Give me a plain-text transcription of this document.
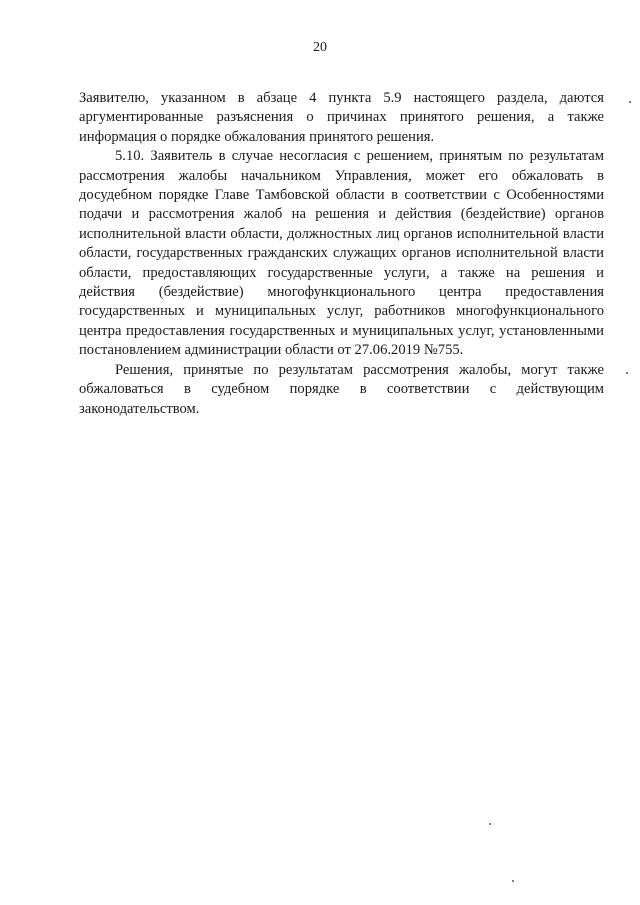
20

Заявителю, указанном в абзаце 4 пункта 5.9 настоящего раздела, даются аргументированные разъяснения о причинах принятого решения, а также информация о порядке обжалования принятого решения.

5.10. Заявитель в случае несогласия с решением, принятым по результатам рассмотрения жалобы начальником Управления, может его обжаловать в досудебном порядке Главе Тамбовской области в соответствии с Особенностями подачи и рассмотрения жалоб на решения и действия (бездействие) органов исполнительной власти области, должностных лиц органов исполнительной власти области, государственных гражданских служащих органов исполнительной власти области, предоставляющих государственные услуги, а также на решения и действия (бездействие) многофункционального центра предоставления государственных и муниципальных услуг, работников многофункционального центра предоставления государственных и муниципальных услуг, установленными постановлением администрации области от 27.06.2019 №755.

Решения, принятые по результатам рассмотрения жалобы, могут также обжаловаться в судебном порядке в соответствии с действующим законодательством.
